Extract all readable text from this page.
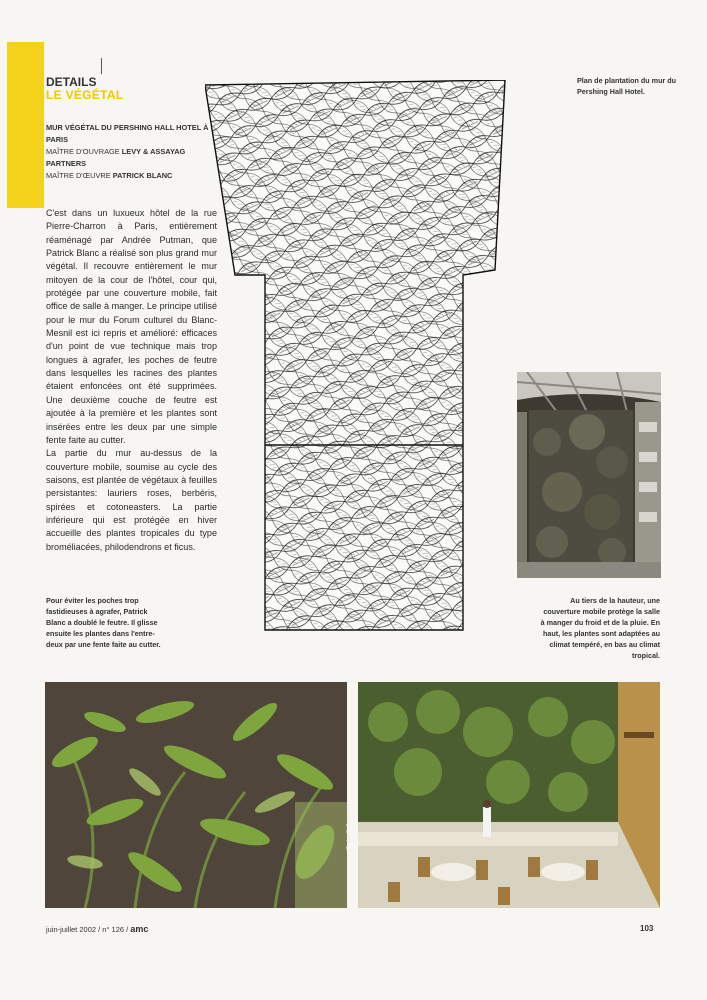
DETAILS
LE VÉGÉTAL
MUR VÉGÉTAL DU PERSHING HALL HOTEL À PARIS
MAÎTRE D'OUVRAGE LEVY & ASSAYAG PARTNERS
MAÎTRE D'ŒUVRE PATRICK BLANC

C'est dans un luxueux hôtel de la rue Pierre-Charron à Paris, entièrement réaménagé par Andrée Putman, que Patrick Blanc a réalisé son plus grand mur végétal. Il recouvre entièrement le mur mitoyen de la cour de l'hôtel, cour qui, protégée par une couverture mobile, fait office de salle à manger. Le principe utilisé pour le mur du Forum culturel du Blanc-Mesnil est ici repris et amélioré: efficaces d'un point de vue technique mais trop longues à agrafer, les poches de feutre dans lesquelles les racines des plantes étaient enfoncées ont été supprimées. Une deuxième couche de feutre est ajoutée à la première et les plantes sont insérées entre les deux par une simple fente faite au cutter.

La partie du mur au-dessus de la couverture mobile, soumise au cycle des saisons, est plantée de végétaux à feuilles persistantes: lauriers roses, berbéris, spirées et cotoneasters. La partie inférieure qui est protégée en hiver accueille des plantes tropicales du type broméliacées, philodendrons et ficus.

Plan de plantation du mur du Pershing Hall Hotel.
Au tiers de la hauteur, une couverture mobile protège la salle à manger du froid et de la pluie. En haut, les plantes sont adaptées au climat tempéré, en bas au climat tropical.
Pour éviter les poches trop fastidieuses à agrafer, Patrick Blanc a doublé le feutre. Il glisse ensuite les plantes dans l'entre-deux par une fente faite au cutter.
Photos E. Sonnois
juin-juillet 2002 / n° 126 / amc	103
